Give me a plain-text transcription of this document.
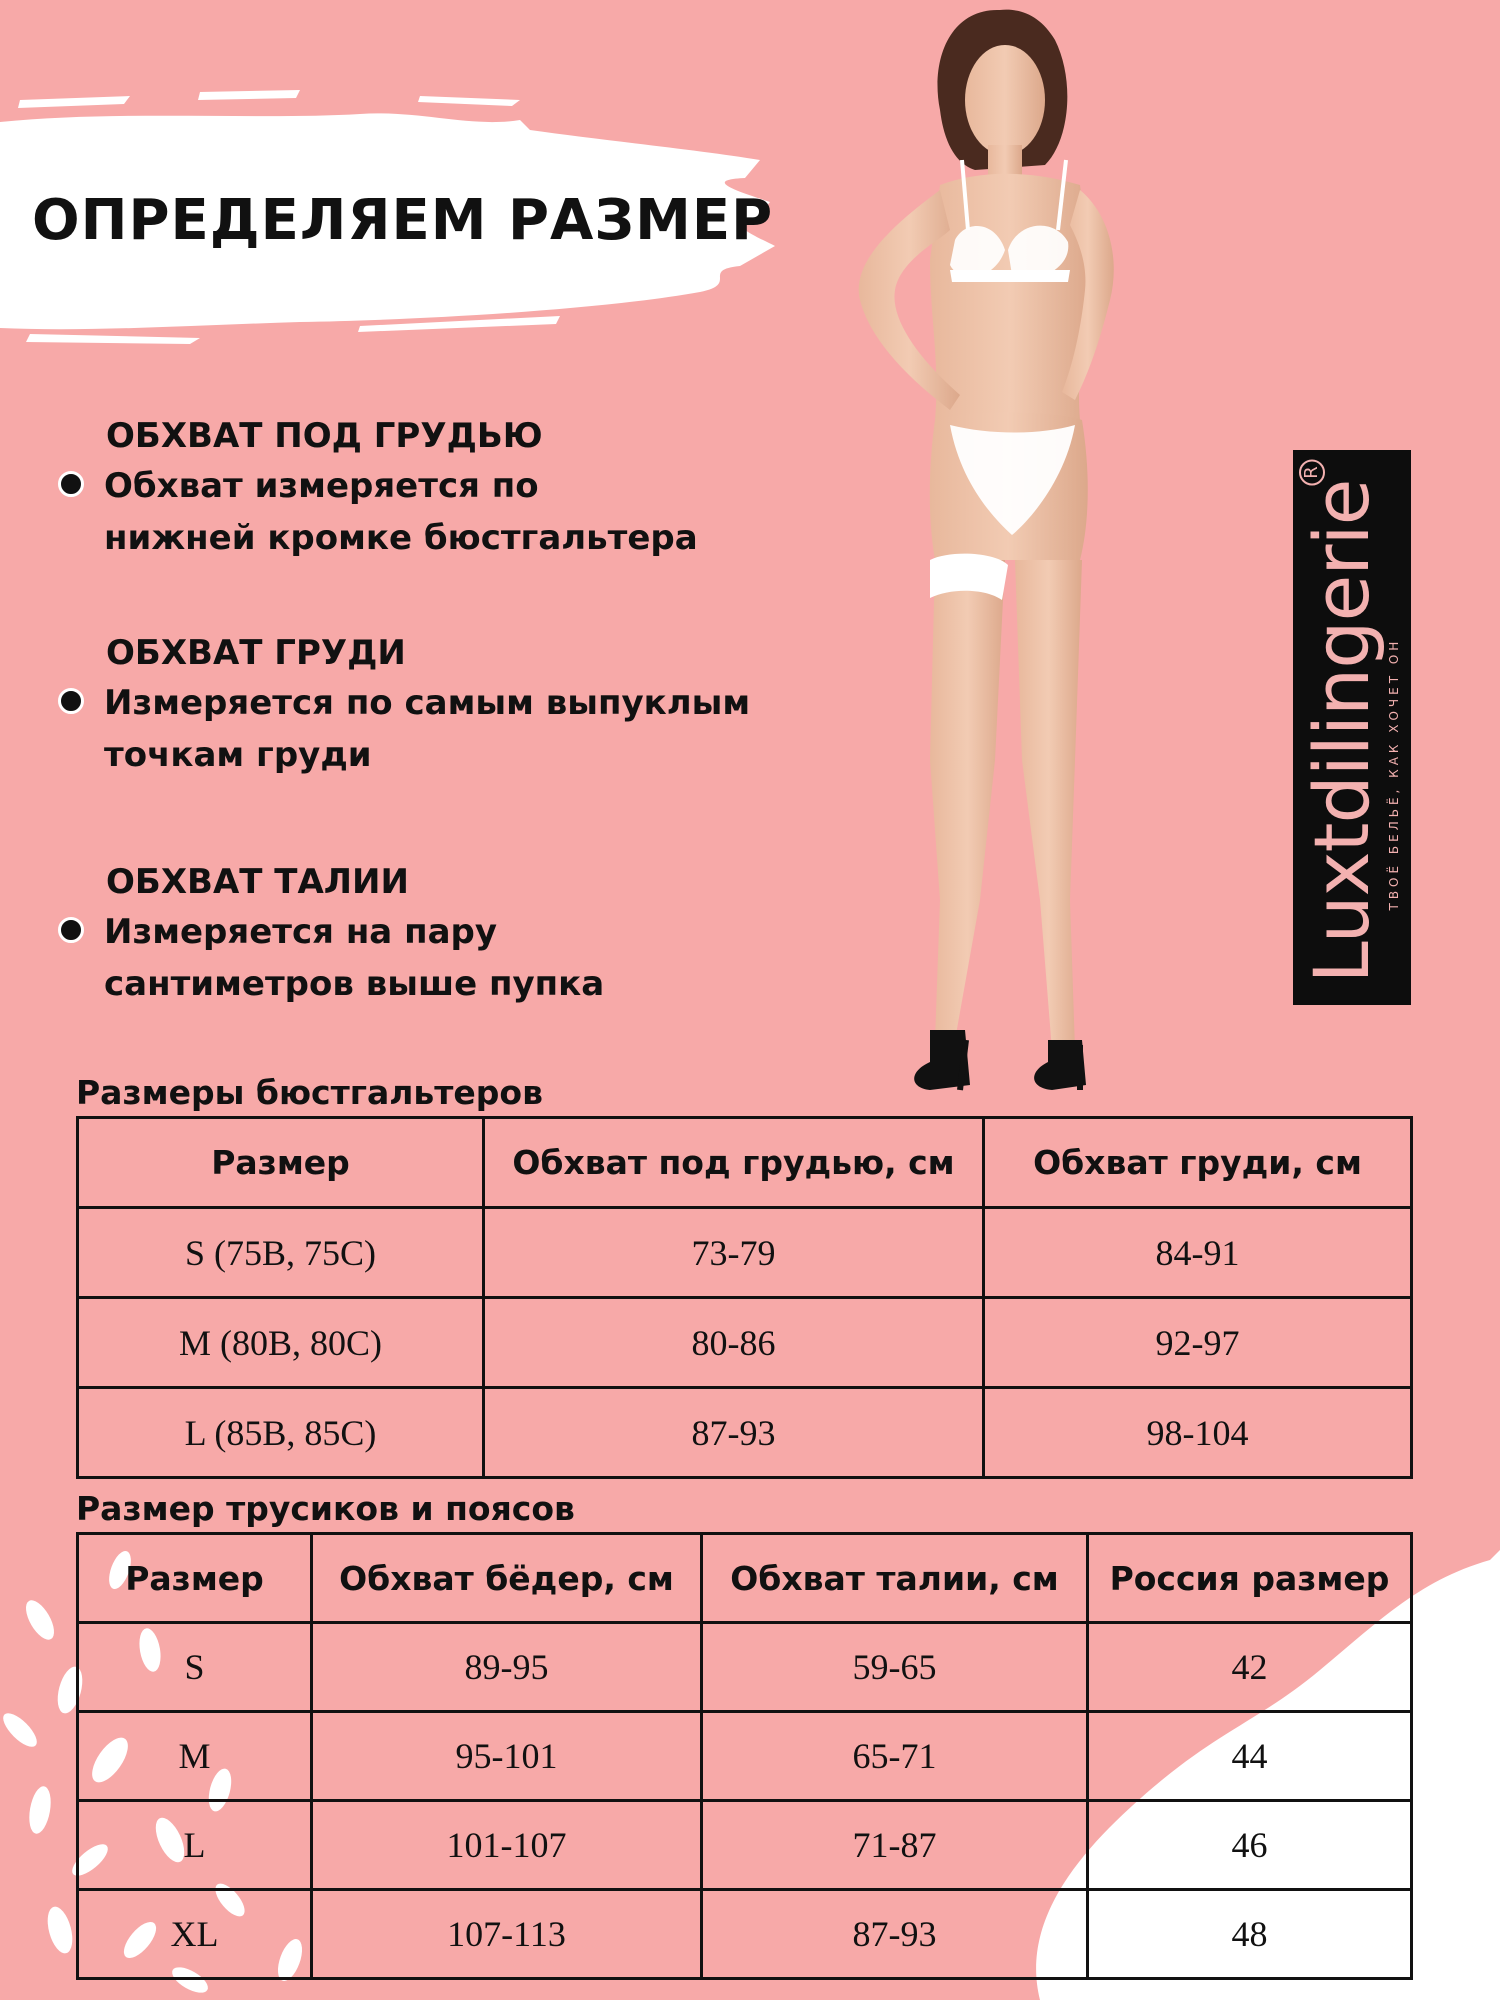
ОПРЕДЕЛЯЕМ РАЗМЕР
ОБХВАТ ПОД ГРУДЬЮ
Обхват измеряется по
нижней кромке бюстгальтера
ОБХВАТ ГРУДИ
Измеряется по самым выпуклым
точкам груди
ОБХВАТ ТАЛИИ
Измеряется на пару
сантиметров выше пупка
Luxtdilingerie
R
ТВОЁ БЕЛЬЁ, КАК ХОЧЕТ ОН
Размеры бюстгальтеров
Размер	Обхват под грудью, см	Обхват груди, см
S (75B, 75C)	73-79	84-91
M (80B, 80C)	80-86	92-97
L (85B, 85C)	87-93	98-104
Размер трусиков и поясов
Размер	Обхват бёдер, см	Обхват талии, см	Россия размер
S	89-95	59-65	42
M	95-101	65-71	44
L	101-107	71-87	46
XL	107-113	87-93	48
